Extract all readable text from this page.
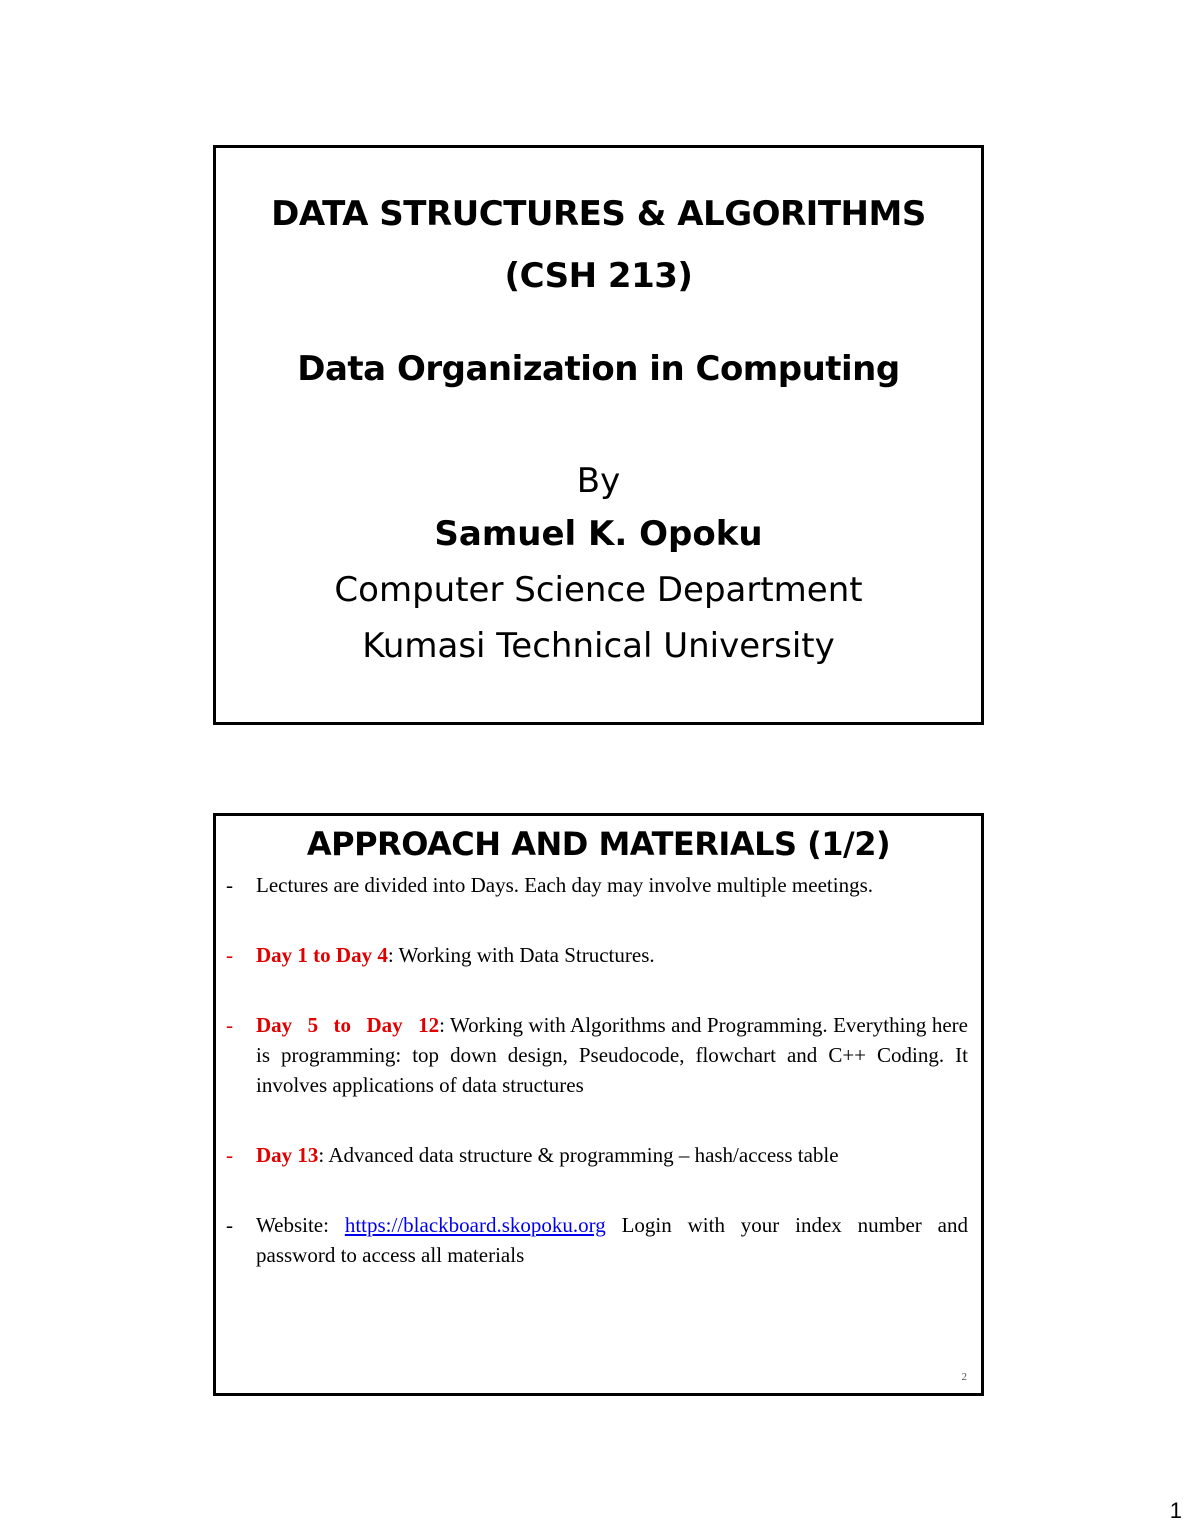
DATA STRUCTURES & ALGORITHMS
(CSH 213)
Data Organization in Computing
By
Samuel K. Opoku
Computer Science Department
Kumasi Technical University
APPROACH AND MATERIALS (1/2)
- Lectures are divided into Days. Each day may involve multiple meetings.
- Day 1 to Day 4: Working with Data Structures.
- Day 5 to Day 12: Working with Algorithms and Programming. Everything here is programming: top down design, Pseudocode, flowchart and C++ Coding. It involves applications of data structures
- Day 13: Advanced data structure & programming – hash/access table
- Website: https://blackboard.skopoku.org Login with your index number and password to access all materials
2
1
